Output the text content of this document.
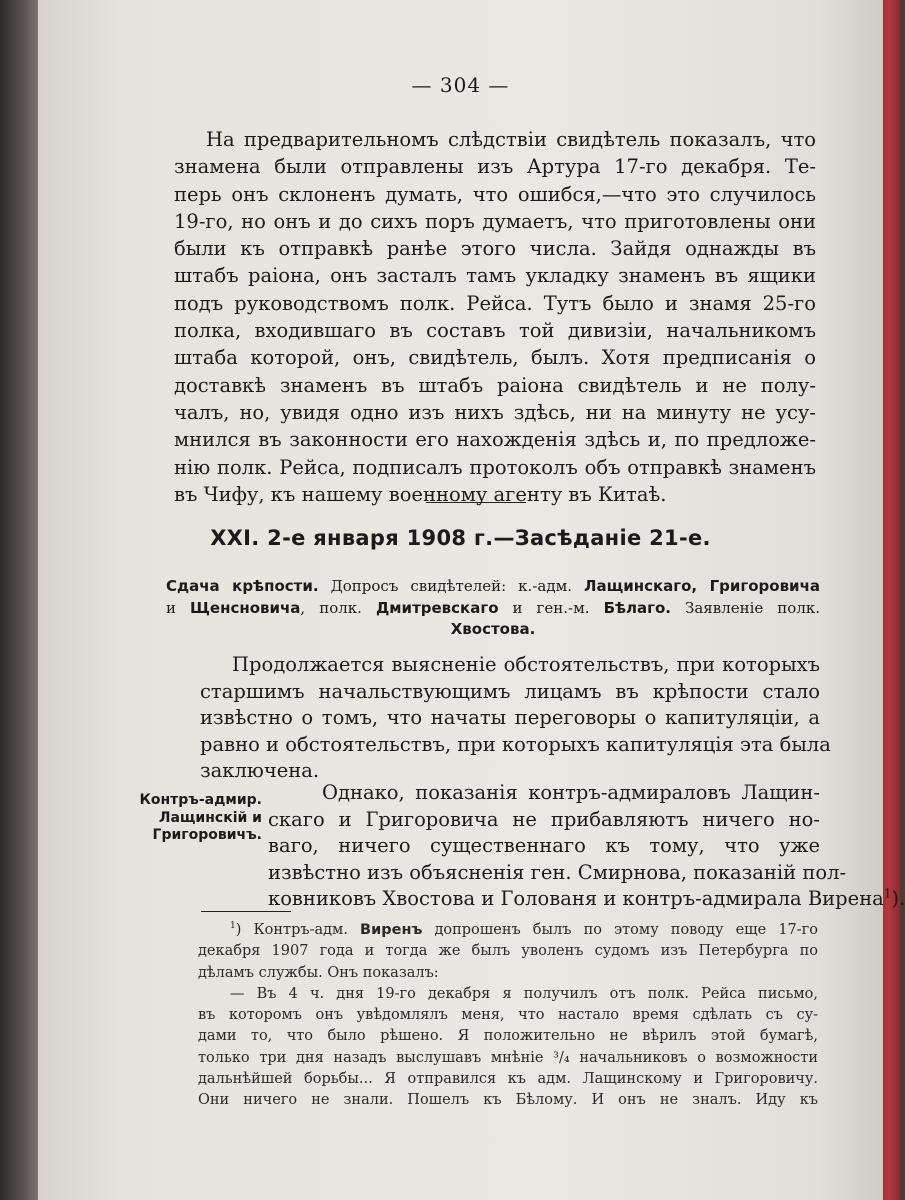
— 304 —
На предварительномъ слѣдствіи свидѣтель показалъ, что
знамена были отправлены изъ Артура 17-го декабря. Те-
перь онъ склоненъ думать, что ошибся,—что это случилось
19-го, но онъ и до сихъ поръ думаетъ, что приготовлены они
были къ отправкѣ ранѣе этого числа. Зайдя однажды въ
штабъ раіона, онъ засталъ тамъ укладку знаменъ въ ящики
подъ руководствомъ полк. Рейса. Тутъ было и знамя 25-го
полка, входившаго въ составъ той дивизіи, начальникомъ
штаба которой, онъ, свидѣтель, былъ. Хотя предписанія о
доставкѣ знаменъ въ штабъ раіона свидѣтель и не полу-
чалъ, но, увидя одно изъ нихъ здѣсь, ни на минуту не усу-
мнился въ законности его нахожденія здѣсь и, по предложе-
нію полк. Рейса, подписалъ протоколъ объ отправкѣ знаменъ
въ Чифу, къ нашему военному агенту въ Китаѣ.
XXI. 2-е января 1908 г.—Засѣданіе 21-е.
Сдача крѣпости. Допросъ свидѣтелей: к.-адм. Лащинскаго, Григоровича
и Щенсновича, полк. Дмитревскаго и ген.-м. Бѣлаго. Заявленіе полк.
Хвостова.
Продолжается выясненіе обстоятельствъ, при которыхъ
старшимъ начальствующимъ лицамъ въ крѣпости стало
извѣстно о томъ, что начаты переговоры о капитуляціи, а
равно и обстоятельствъ, при которыхъ капитуляція эта была
заключена.
Контръ-адмир.
Лащинскій и
Григоровичъ.
Однако, показанія контръ-адмираловъ Лащин-
скаго и Григоровича не прибавляютъ ничего но-
ваго, ничего существеннаго къ тому, что уже
извѣстно изъ объясненія ген. Смирнова, показаній пол-
ковниковъ Хвостова и Голованя и контръ-адмирала Вирена$^1$).
$^1$) Контръ-адм. Виренъ допрошенъ былъ по этому поводу еще 17-го
декабря 1907 года и тогда же былъ уволенъ судомъ изъ Петербурга по
дѣламъ службы. Онъ показалъ:
— Въ 4 ч. дня 19-го декабря я получилъ отъ полк. Рейса письмо,
въ которомъ онъ увѣдомлялъ меня, что настало время сдѣлать съ су-
дами то, что было рѣшено. Я положительно не вѣрилъ этой бумагѣ,
только три дня назадъ выслушавъ мнѣніе ³/₄ начальниковъ о возможности
дальнѣйшей борьбы... Я отправился къ адм. Лащинскому и Григоровичу.
Они ничего не знали. Пошелъ къ Бѣлому. И онъ не зналъ. Иду къ
